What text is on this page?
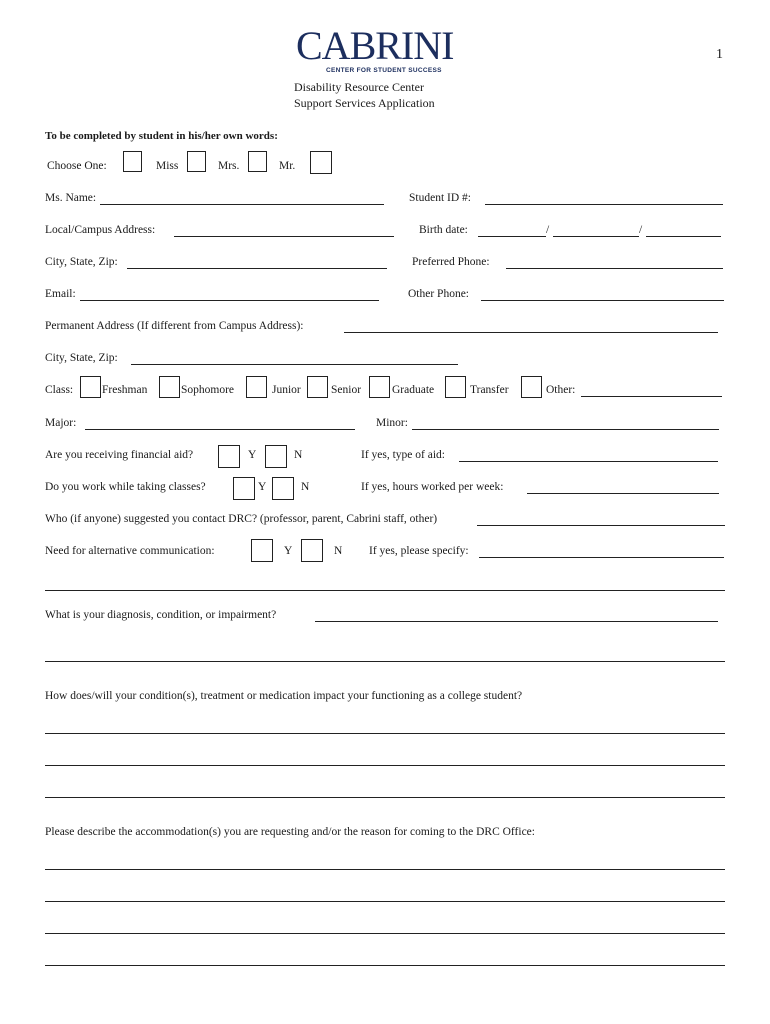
CABRINI
CENTER FOR STUDENT SUCCESS
1
Disability Resource Center
Support Services Application
To be completed by student in his/her own words:
Choose One:	Miss	Mrs.	Mr.
Ms. Name:	Student ID #:
Local/Campus Address:	Birth date:	/	/
City, State, Zip:	Preferred Phone:
Email:	Other Phone:
Permanent Address (If different from Campus Address):
City, State, Zip:
Class:	Freshman	Sophomore	Junior	Senior	Graduate	Transfer	Other:
Major:	Minor:
Are you receiving financial aid?	Y	N	If yes, type of aid:
Do you work while taking classes?	Y	N	If yes, hours worked per week:
Who (if anyone) suggested you contact DRC? (professor, parent, Cabrini staff, other)
Need for alternative communication:	Y	N If yes, please specify:
What is your diagnosis, condition, or impairment?
How does/will your condition(s), treatment or medication impact your functioning as a college student?
Please describe the accommodation(s) you are requesting and/or the reason for coming to the DRC Office:
